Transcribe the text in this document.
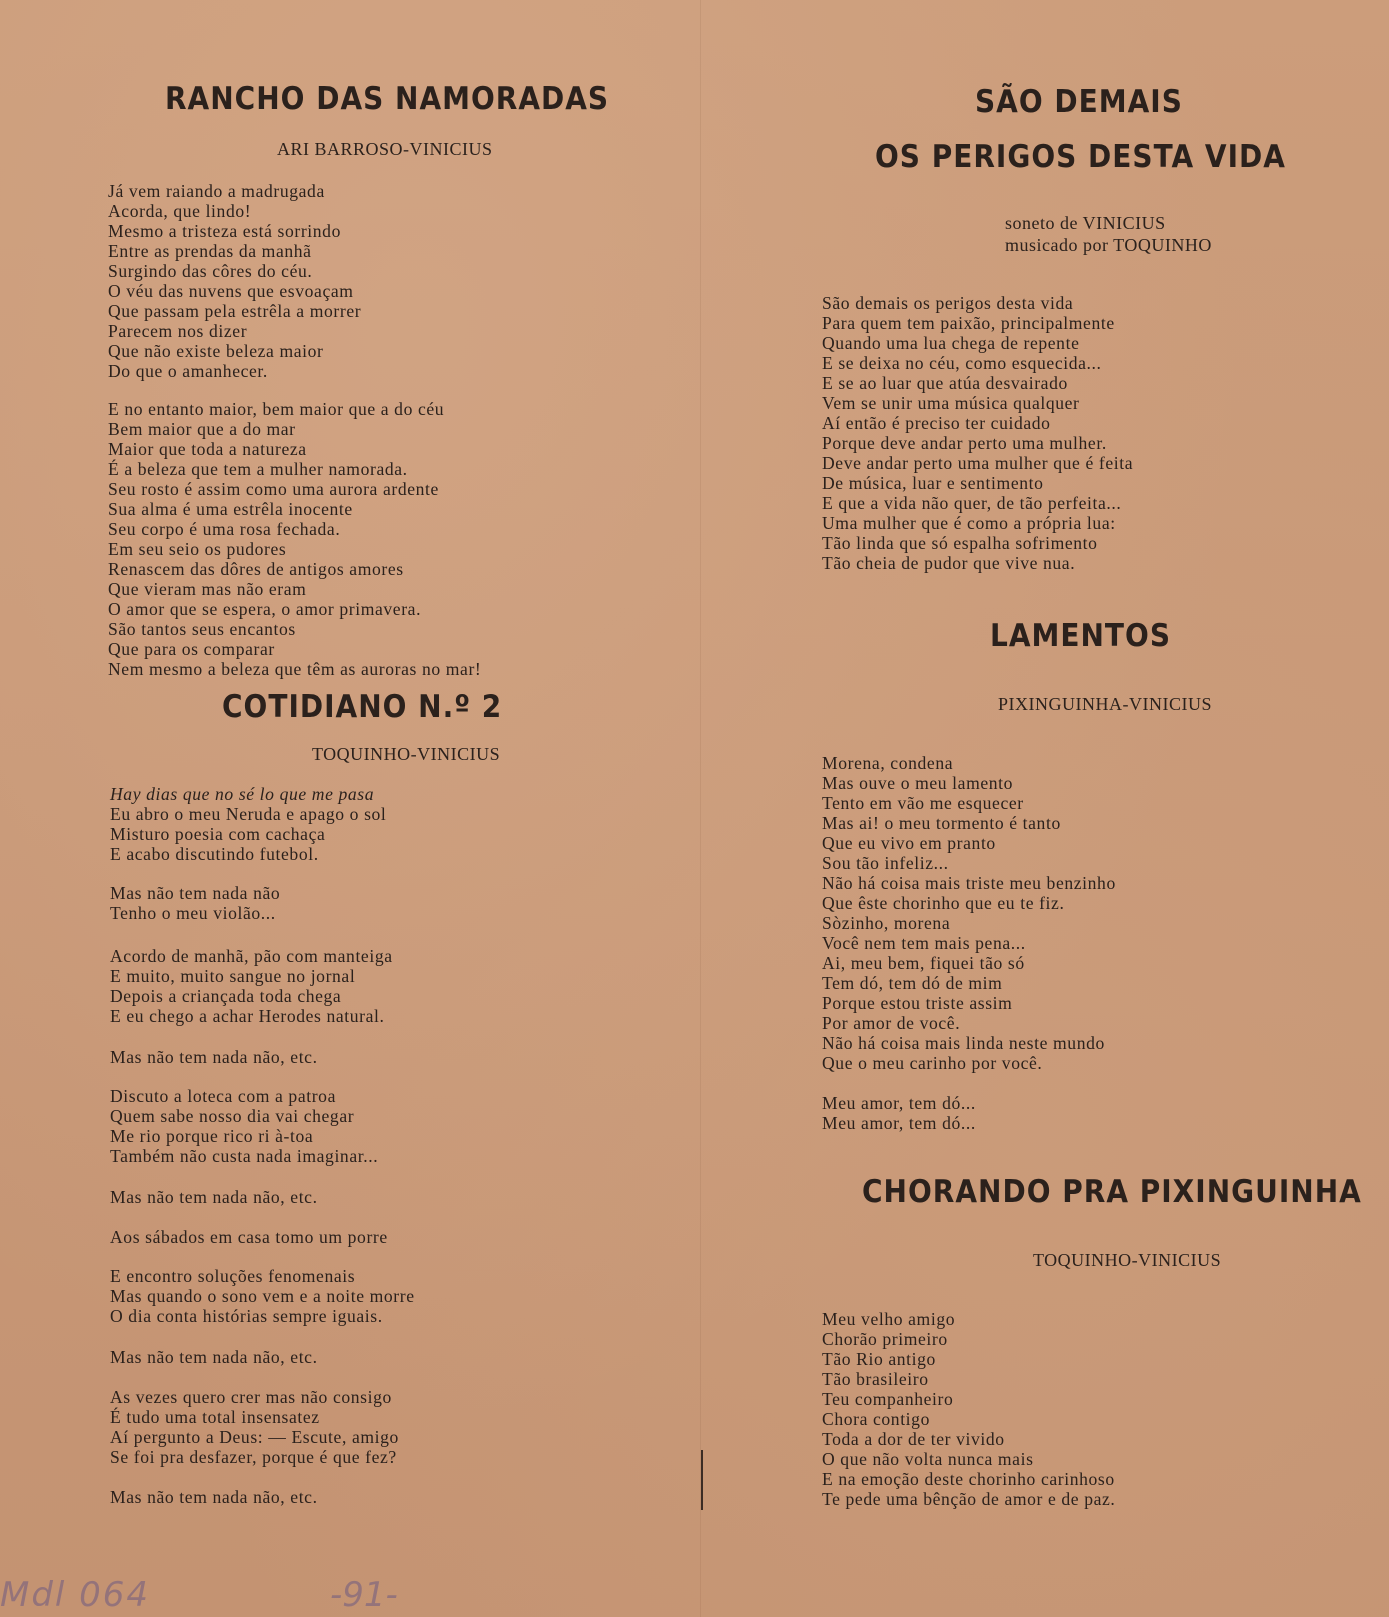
RANCHO DAS NAMORADAS
ARI BARROSO-VINICIUS
Já vem raiando a madrugada
Acorda, que lindo!
Mesmo a tristeza está sorrindo
Entre as prendas da manhã
Surgindo das côres do céu.
O véu das nuvens que esvoaçam
Que passam pela estrêla a morrer
Parecem nos dizer
Que não existe beleza maior
Do que o amanhecer.
E no entanto maior, bem maior que a do céu
Bem maior que a do mar
Maior que toda a natureza
É a beleza que tem a mulher namorada.
Seu rosto é assim como uma aurora ardente
Sua alma é uma estrêla inocente
Seu corpo é uma rosa fechada.
Em seu seio os pudores
Renascem das dôres de antigos amores
Que vieram mas não eram
O amor que se espera, o amor primavera.
São tantos seus encantos
Que para os comparar
Nem mesmo a beleza que têm as auroras no mar!
COTIDIANO N.º 2
TOQUINHO-VINICIUS
Hay dias que no sé lo que me pasa
Eu abro o meu Neruda e apago o sol
Misturo poesia com cachaça
E acabo discutindo futebol.
Mas não tem nada não
Tenho o meu violão...
Acordo de manhã, pão com manteiga
E muito, muito sangue no jornal
Depois a criançada toda chega
E eu chego a achar Herodes natural.
Mas não tem nada não, etc.
Discuto a loteca com a patroa
Quem sabe nosso dia vai chegar
Me rio porque rico ri à-toa
Também não custa nada imaginar...
Mas não tem nada não, etc.
Aos sábados em casa tomo um porre
E encontro soluções fenomenais
Mas quando o sono vem e a noite morre
O dia conta histórias sempre iguais.
Mas não tem nada não, etc.
As vezes quero crer mas não consigo
É tudo uma total insensatez
Aí pergunto a Deus: — Escute, amigo
Se foi pra desfazer, porque é que fez?
Mas não tem nada não, etc.
SÃO DEMAIS
OS PERIGOS DESTA VIDA
soneto de VINICIUS
musicado por TOQUINHO
São demais os perigos desta vida
Para quem tem paixão, principalmente
Quando uma lua chega de repente
E se deixa no céu, como esquecida...
E se ao luar que atúa desvairado
Vem se unir uma música qualquer
Aí então é preciso ter cuidado
Porque deve andar perto uma mulher.
Deve andar perto uma mulher que é feita
De música, luar e sentimento
E que a vida não quer, de tão perfeita...
Uma mulher que é como a própria lua:
Tão linda que só espalha sofrimento
Tão cheia de pudor que vive nua.
LAMENTOS
PIXINGUINHA-VINICIUS
Morena, condena
Mas ouve o meu lamento
Tento em vão me esquecer
Mas ai! o meu tormento é tanto
Que eu vivo em pranto
Sou tão infeliz...
Não há coisa mais triste meu benzinho
Que êste chorinho que eu te fiz.
Sòzinho, morena
Você nem tem mais pena...
Ai, meu bem, fiquei tão só
Tem dó, tem dó de mim
Porque estou triste assim
Por amor de você.
Não há coisa mais linda neste mundo
Que o meu carinho por você.
Meu amor, tem dó...
Meu amor, tem dó...
CHORANDO PRA PIXINGUINHA
TOQUINHO-VINICIUS
Meu velho amigo
Chorão primeiro
Tão Rio antigo
Tão brasileiro
Teu companheiro
Chora contigo
Toda a dor de ter vivido
O que não volta nunca mais
E na emoção deste chorinho carinhoso
Te pede uma bênção de amor e de paz.
Mdl 064	-91-
